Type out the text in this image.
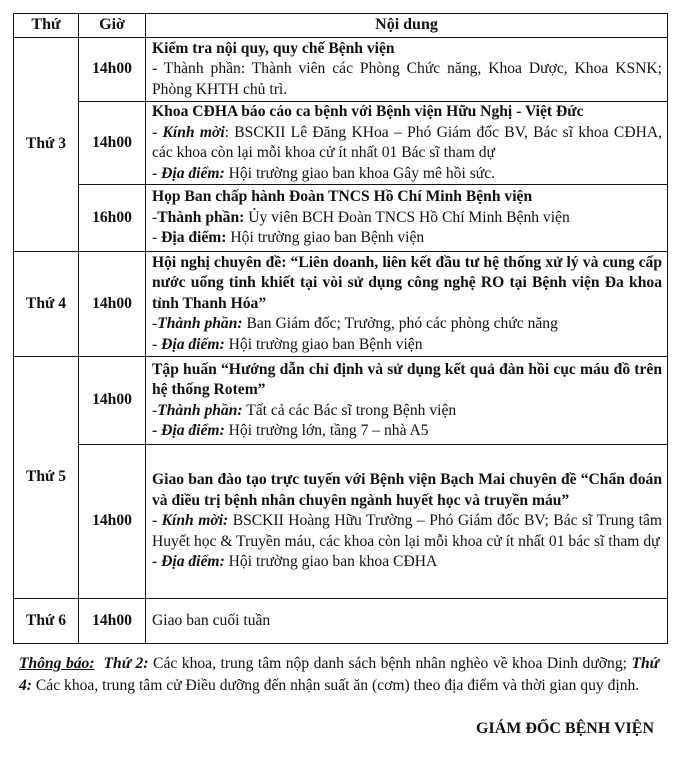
Thứ	Giờ	Nội dung
Thứ 3	14h00	Kiểm tra nội quy, quy chế Bệnh viện
- Thành phần: Thành viên các Phòng Chức năng, Khoa Dược, Khoa KSNK; Phòng KHTH chủ trì.

	14h00	Khoa CĐHA báo cáo ca bệnh với Bệnh viện Hữu Nghị - Việt Đức
- Kính mời: BSCKII Lê Đăng KHoa – Phó Giám đốc BV, Bác sĩ khoa CĐHA, các khoa còn lại mỗi khoa cử ít nhất 01 Bác sĩ tham dự
- Địa điểm: Hội trường giao ban khoa Gây mê hồi sức.

	16h00	Họp Ban chấp hành Đoàn TNCS Hồ Chí Minh Bệnh viện
-Thành phần: Ủy viên BCH Đoàn TNCS Hồ Chí Minh Bệnh viện
- Địa điểm: Hội trường giao ban Bệnh viện

Thứ 4	14h00	Hội nghị chuyên đề: “Liên doanh, liên kết đầu tư hệ thống xử lý và cung cấp nước uống tinh khiết tại vòi sử dụng công nghệ RO tại Bệnh viện Đa khoa tỉnh Thanh Hóa”
-Thành phần: Ban Giám đốc; Trưởng, phó các phòng chức năng
- Địa điểm: Hội trường giao ban Bệnh viện

Thứ 5	14h00	Tập huấn “Hướng dẫn chỉ định và sử dụng kết quả đàn hồi cục máu đồ trên hệ thống Rotem”
-Thành phần: Tất cả các Bác sĩ trong Bệnh viện
- Địa điểm: Hội trường lớn, tầng 7 – nhà A5

	14h00	Giao ban đào tạo trực tuyến với Bệnh viện Bạch Mai chuyên đề “Chẩn đoán và điều trị bệnh nhân chuyên ngành huyết học và truyền máu”
- Kính mời: BSCKII Hoàng Hữu Trường – Phó Giám đốc BV; Bác sĩ Trung tâm Huyết học & Truyền máu, các khoa còn lại mỗi khoa cử ít nhất 01 bác sĩ tham dự
- Địa điểm: Hội trường giao ban khoa CĐHA

Thứ 6	14h00	Giao ban cuối tuần
Thông báo: Thứ 2: Các khoa, trung tâm nộp danh sách bệnh nhân nghèo về khoa Dinh dưỡng; Thứ 4: Các khoa, trung tâm cử Điều dưỡng đến nhận suất ăn (cơm) theo địa điểm và thời gian quy định.
GIÁM ĐỐC BỆNH VIỆN
